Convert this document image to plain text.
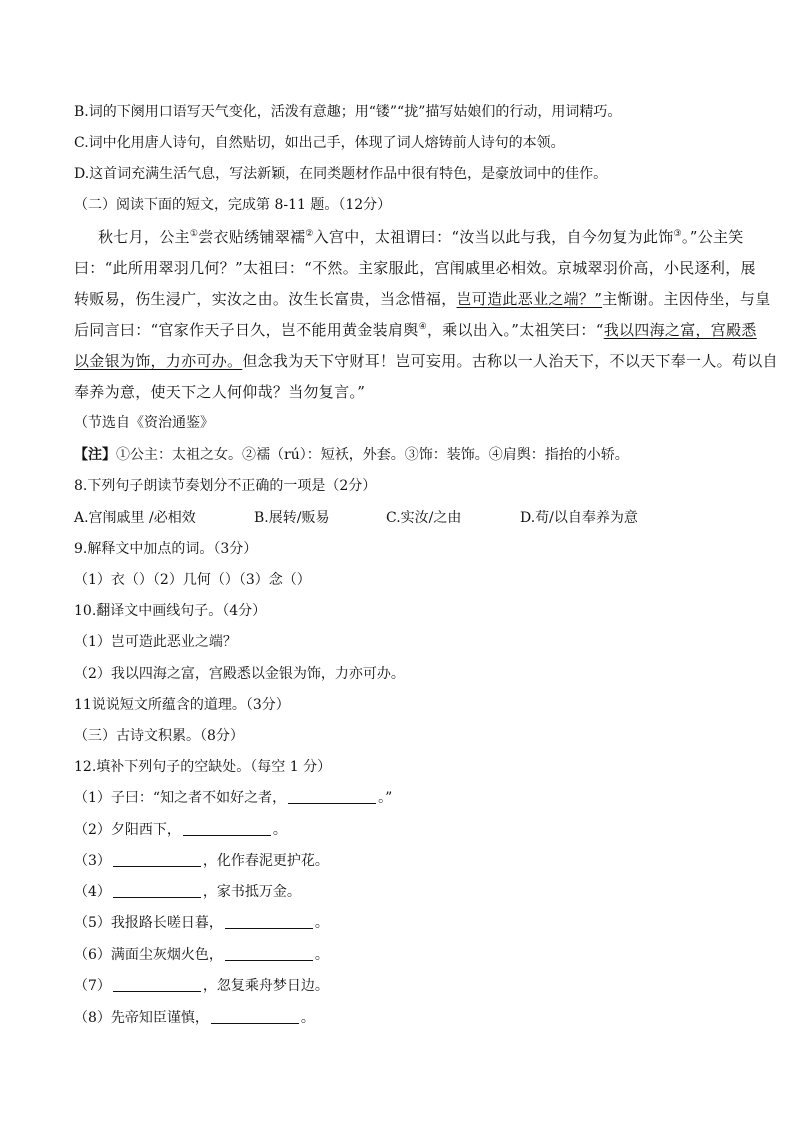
B.词的下阕用口语写天气变化，活泼有意趣；用“镂”“拢”描写姑娘们的行动，用词精巧。
C.词中化用唐人诗句，自然贴切，如出己手，体现了词人熔铸前人诗句的本领。
D.这首词充满生活气息，写法新颖，在同类题材作品中很有特色，是豪放词中的佳作。
（二）阅读下面的短文，完成第 8-11 题。（12分）
秋七月，公主①尝衣贴绣铺翠襦②入宫中，太祖谓曰：“汝当以此与我，自今勿复为此饰③。”公主笑
曰：“此所用翠羽几何？”太祖曰：“不然。主家服此，宫闱戚里必相效。京城翠羽价高，小民逐利，展
转贩易，伤生浸广，实汝之由。汝生长富贵，当念惜福，岂可造此恶业之端？”主惭谢。主因侍坐，与皇
后同言曰：“官家作天子日久，岂不能用黄金装肩舆④，乘以出入。”太祖笑曰：“我以四海之富，宫殿悉
以金银为饰，力亦可办。但念我为天下守财耳！岂可妄用。古称以一人治天下，不以天下奉一人。苟以自
奉养为意，使天下之人何仰哉？当勿复言。”
（节选自《资治通鉴》
【注】①公主：太祖之女。②襦（rú）：短袄，外套。③饰：装饰。④肩舆：指抬的小轿。
8.下列句子朗读节奏划分不正确的一项是（2分）
A.宫闱戚里 /必相效	B.展转/贩易	C.实汝/之由	D.苟/以自奉养为意
9.解释文中加点的词。（3分）
（1）衣（）（2）几何（）（3）念（）
10.翻译文中画线句子。（4分）
（1）岂可造此恶业之端？
（2）我以四海之富，宫殿悉以金银为饰，力亦可办。
11说说短文所蕴含的道理。（3分）
（三）古诗文积累。（8分）
12.填补下列句子的空缺处。（每空 1 分）
（1）子曰：“知之者不如好之者，	。”
（2）夕阳西下，	。
（3）	，化作春泥更护花。
（4）	，家书抵万金。
（5）我报路长嗟日暮，	。
（6）满面尘灰烟火色，	。
（7）	，忽复乘舟梦日边。
（8）先帝知臣谨慎，	。
